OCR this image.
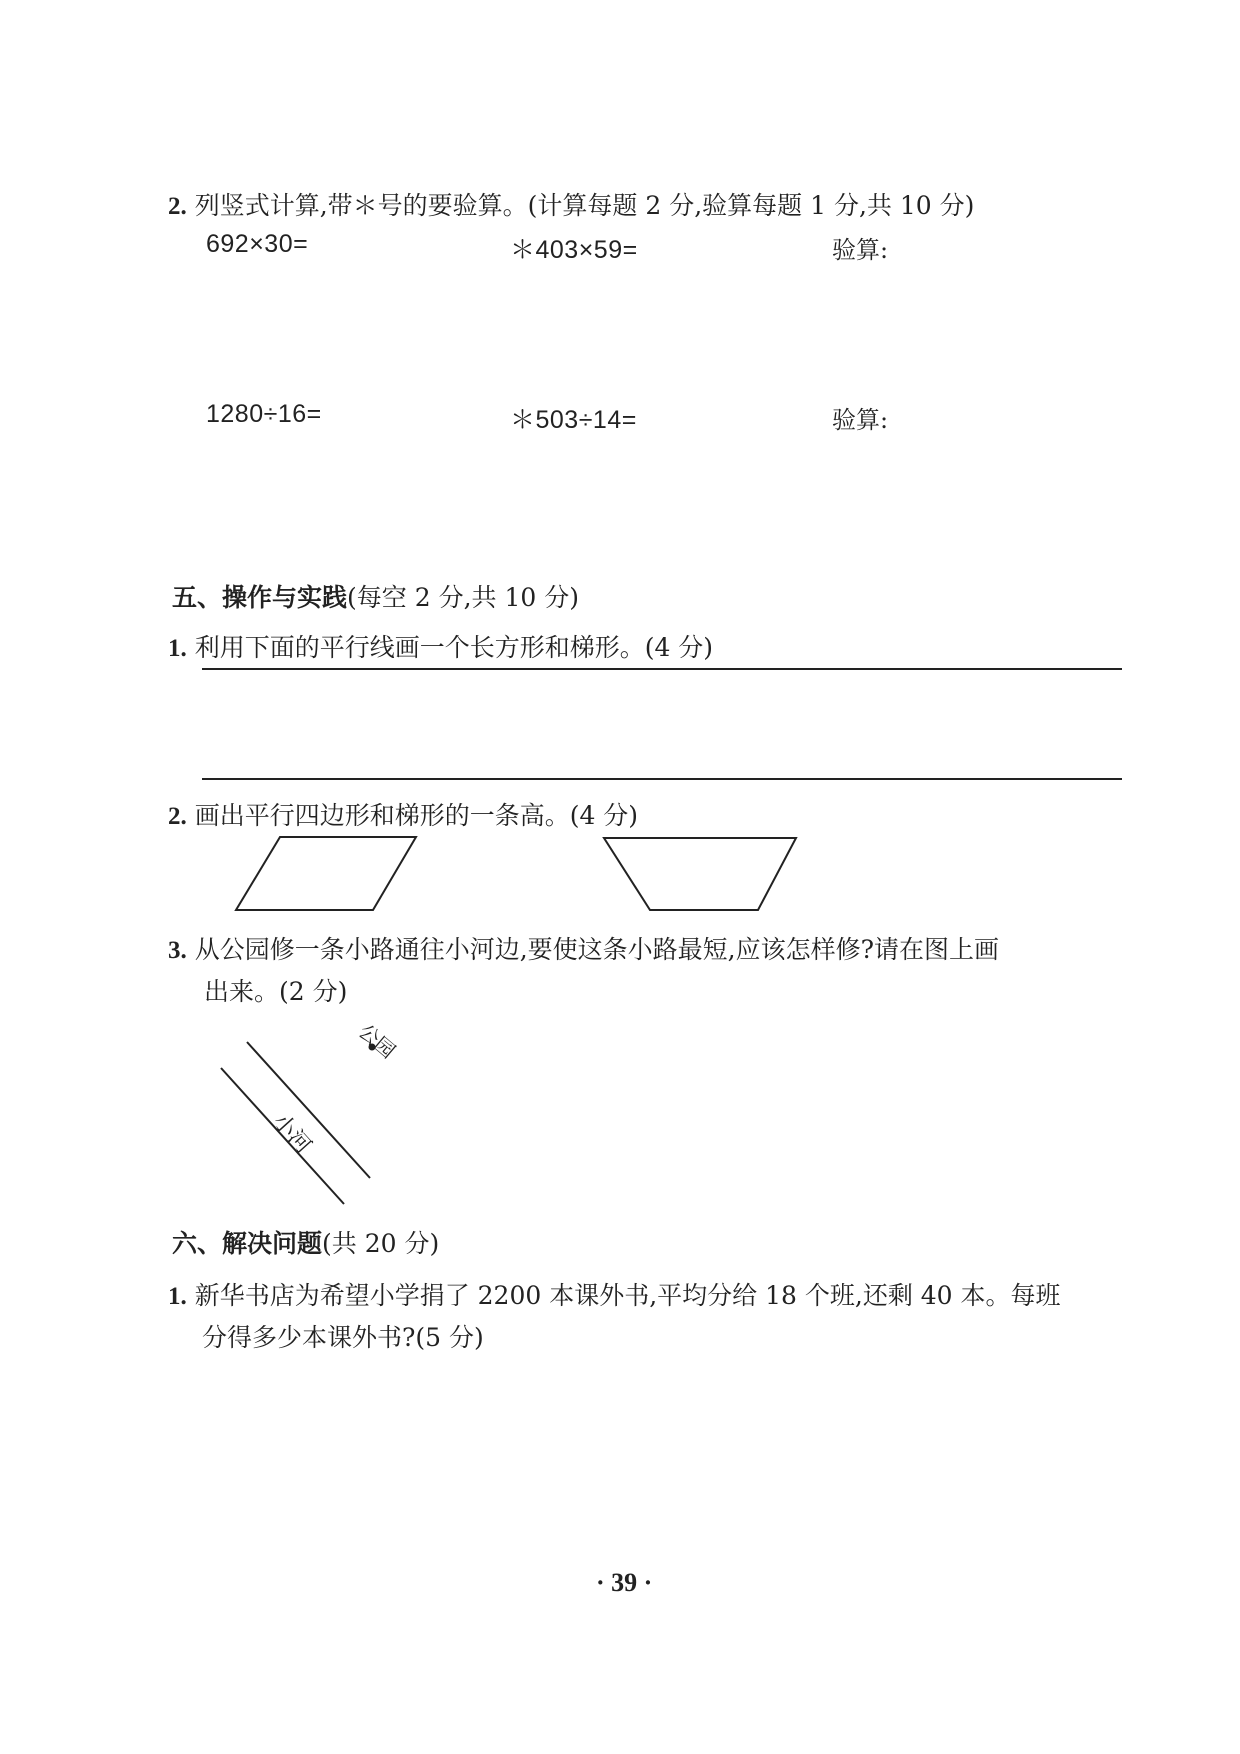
2. 列竖式计算,带＊号的要验算。(计算每题 2 分,验算每题 1 分,共 10 分)
692×30=	＊403×59=	验算:
1280÷16=	＊503÷14=	验算:
五、操作与实践(每空 2 分,共 10 分)
1. 利用下面的平行线画一个长方形和梯形。(4 分)
2. 画出平行四边形和梯形的一条高。(4 分)
小河
公园
3. 从公园修一条小路通往小河边,要使这条小路最短,应该怎样修?请在图上画
出来。(2 分)
六、解决问题(共 20 分)
1. 新华书店为希望小学捐了 2200 本课外书,平均分给 18 个班,还剩 40 本。每班
分得多少本课外书?(5 分)
· 39 ·
